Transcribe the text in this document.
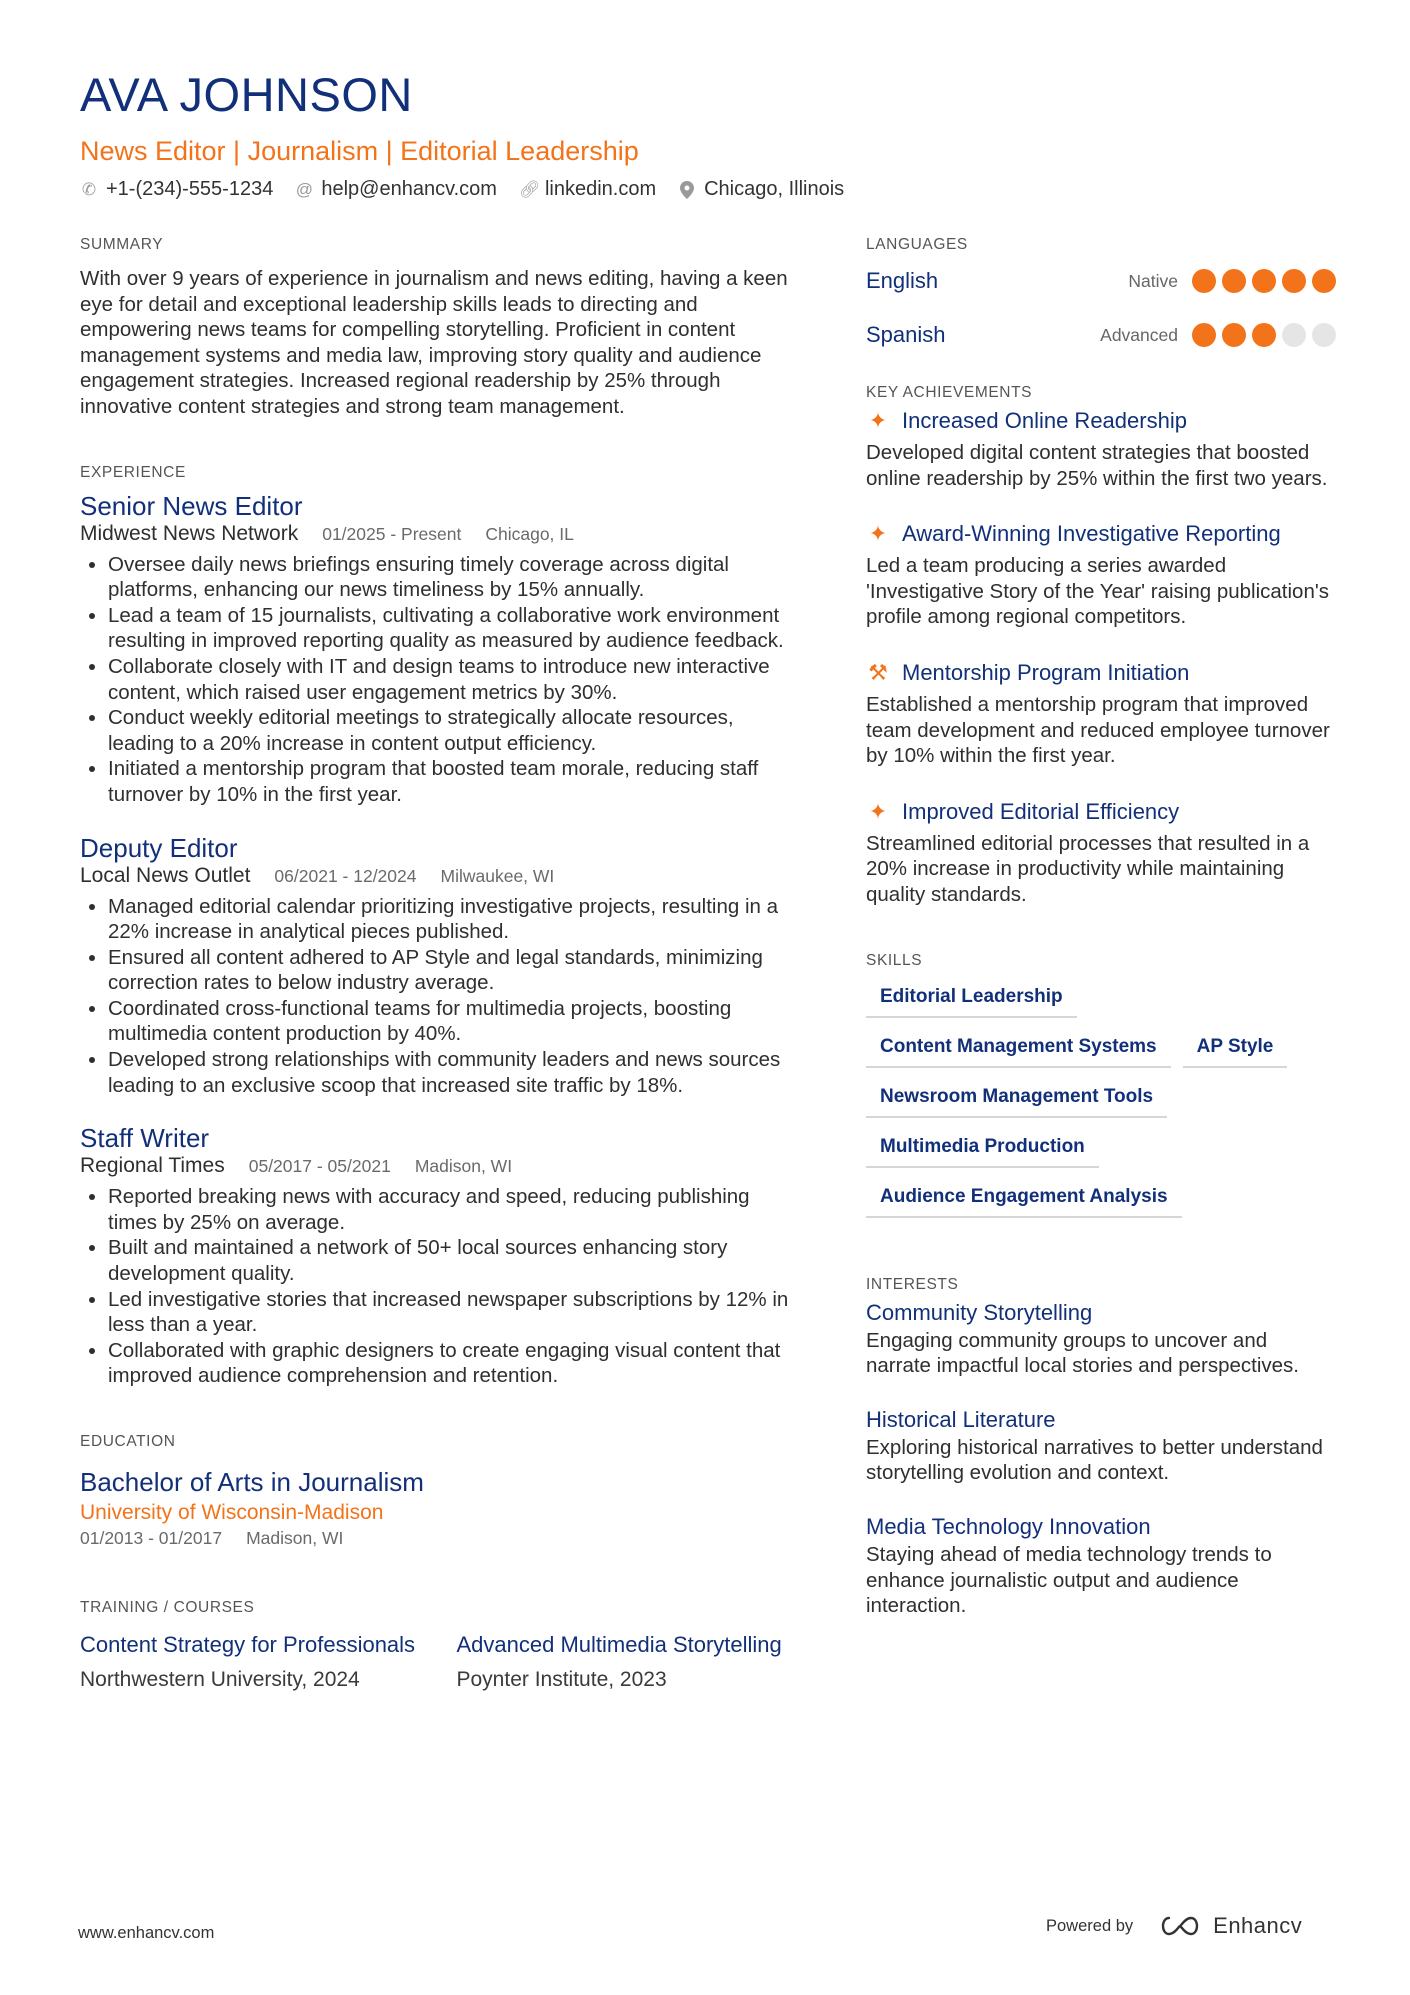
AVA JOHNSON
News Editor | Journalism | Editorial Leadership
✆ +1-(234)-555-1234 @ help@enhancv.com 🔗︎ linkedin.com Chicago, Illinois
SUMMARY

With over 9 years of experience in journalism and news editing, having a keen eye for detail and exceptional leadership skills leads to directing and empowering news teams for compelling storytelling. Proficient in content management systems and media law, improving story quality and audience engagement strategies. Increased regional readership by 25% through innovative content strategies and strong team management.

EXPERIENCE
Senior News Editor
Midwest News Network 01/2025 - Present Chicago, IL
• Oversee daily news briefings ensuring timely coverage across digital platforms, enhancing our news timeliness by 15% annually.
• Lead a team of 15 journalists, cultivating a collaborative work environment resulting in improved reporting quality as measured by audience feedback.
• Collaborate closely with IT and design teams to introduce new interactive content, which raised user engagement metrics by 30%.
• Conduct weekly editorial meetings to strategically allocate resources, leading to a 20% increase in content output efficiency.
• Initiated a mentorship program that boosted team morale, reducing staff turnover by 10% in the first year.
Deputy Editor
Local News Outlet 06/2021 - 12/2024 Milwaukee, WI
• Managed editorial calendar prioritizing investigative projects, resulting in a 22% increase in analytical pieces published.
• Ensured all content adhered to AP Style and legal standards, minimizing correction rates to below industry average.
• Coordinated cross-functional teams for multimedia projects, boosting multimedia content production by 40%.
• Developed strong relationships with community leaders and news sources leading to an exclusive scoop that increased site traffic by 18%.
Staff Writer
Regional Times 05/2017 - 05/2021 Madison, WI
• Reported breaking news with accuracy and speed, reducing publishing times by 25% on average.
• Built and maintained a network of 50+ local sources enhancing story development quality.
• Led investigative stories that increased newspaper subscriptions by 12% in less than a year.
• Collaborated with graphic designers to create engaging visual content that improved audience comprehension and retention.
EDUCATION
Bachelor of Arts in Journalism
University of Wisconsin-Madison
01/2013 - 01/2017 Madison, WI
TRAINING / COURSES
Content Strategy for Professionals
Northwestern University, 2024
Advanced Multimedia Storytelling
Poynter Institute, 2023
LANGUAGES
English	Native
Spanish	Advanced
KEY ACHIEVEMENTS
✦ Increased Online Readership
Developed digital content strategies that boosted online readership by 25% within the first two years.
✦ Award-Winning Investigative Reporting
Led a team producing a series awarded 'Investigative Story of the Year' raising publication's profile among regional competitors.
⚒ Mentorship Program Initiation
Established a mentorship program that improved team development and reduced employee turnover by 10% within the first year.
✦ Improved Editorial Efficiency
Streamlined editorial processes that resulted in a 20% increase in productivity while maintaining quality standards.
SKILLS
Editorial Leadership
Content Management Systems	AP Style
Newsroom Management Tools
Multimedia Production
Audience Engagement Analysis
INTERESTS
Community Storytelling
Engaging community groups to uncover and narrate impactful local stories and perspectives.
Historical Literature
Exploring historical narratives to better understand storytelling evolution and context.
Media Technology Innovation
Staying ahead of media technology trends to enhance journalistic output and audience interaction.
www.enhancv.com	Powered by	Enhancv
